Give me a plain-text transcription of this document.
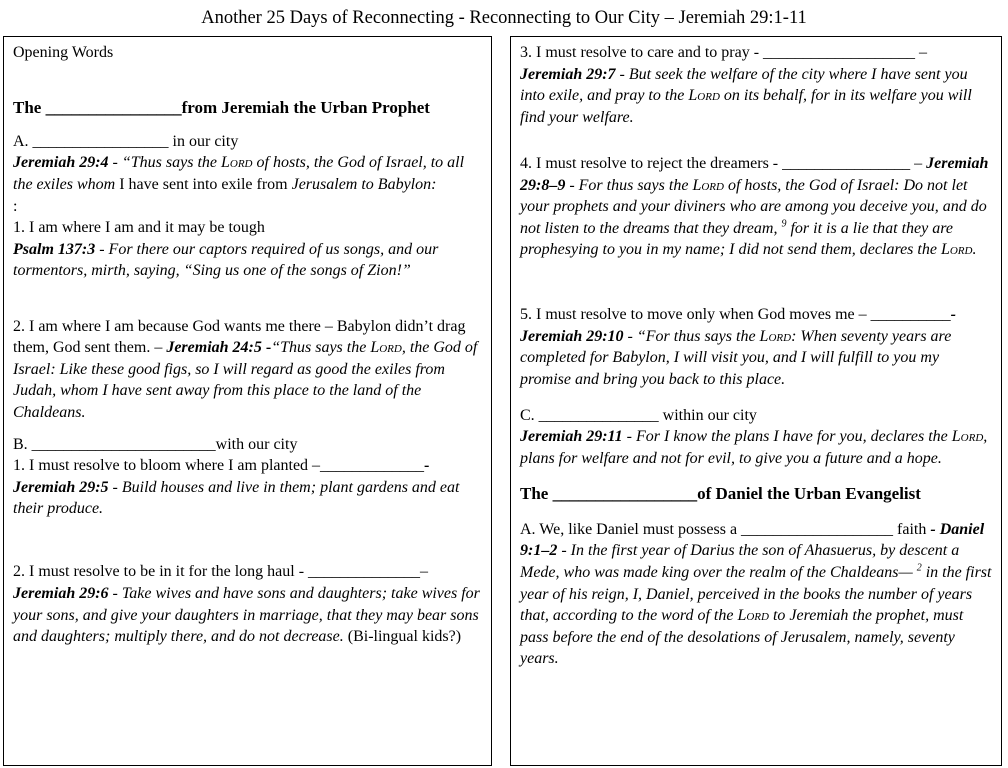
Another 25 Days of Reconnecting - Reconnecting to Our City – Jeremiah 29:1-11

Opening Words

The ________________from Jeremiah the Urban Prophet

A. _________________ in our city

Jeremiah 29:4 - “Thus says the Lord of hosts, the God of Israel, to all the exiles whom I have sent into exile from Jerusalem to Babylon:

:

1. I am where I am and it may be tough

Psalm 137:3 - For there our captors required of us songs, and our tormentors, mirth, saying, “Sing us one of the songs of Zion!”

2. I am where I am because God wants me there – Babylon didn’t drag them, God sent them. – Jeremiah 24:5 -“Thus says the Lord, the God of Israel: Like these good figs, so I will regard as good the exiles from Judah, whom I have sent away from this place to the land of the Chaldeans.

B. _______________________with our city

1. I must resolve to bloom where I am planted –_____________- Jeremiah 29:5 - Build houses and live in them; plant gardens and eat their produce.

2. I must resolve to be in it for the long haul - ______________– Jeremiah 29:6 - Take wives and have sons and daughters; take wives for your sons, and give your daughters in marriage, that they may bear sons and daughters; multiply there, and do not decrease. (Bi-lingual kids?)

3. I must resolve to care and to pray - ___________________ – Jeremiah 29:7 - But seek the welfare of the city where I have sent you into exile, and pray to the Lord on its behalf, for in its welfare you will find your welfare.

4. I must resolve to reject the dreamers - ________________ – Jeremiah 29:8–9 - For thus says the Lord of hosts, the God of Israel: Do not let your prophets and your diviners who are among you deceive you, and do not listen to the dreams that they dream, $^9$ for it is a lie that they are prophesying to you in my name; I did not send them, declares the Lord.

5. I must resolve to move only when God moves me – __________- Jeremiah 29:10 - “For thus says the Lord: When seventy years are completed for Babylon, I will visit you, and I will fulfill to you my promise and bring you back to this place.

C. _______________ within our city

Jeremiah 29:11 - For I know the plans I have for you, declares the Lord, plans for welfare and not for evil, to give you a future and a hope.

The _________________of Daniel the Urban Evangelist

A. We, like Daniel must possess a ___________________ faith - Daniel 9:1–2 - In the first year of Darius the son of Ahasuerus, by descent a Mede, who was made king over the realm of the Chaldeans— $^2$ in the first year of his reign, I, Daniel, perceived in the books the number of years that, according to the word of the Lord to Jeremiah the prophet, must pass before the end of the desolations of Jerusalem, namely, seventy years.
